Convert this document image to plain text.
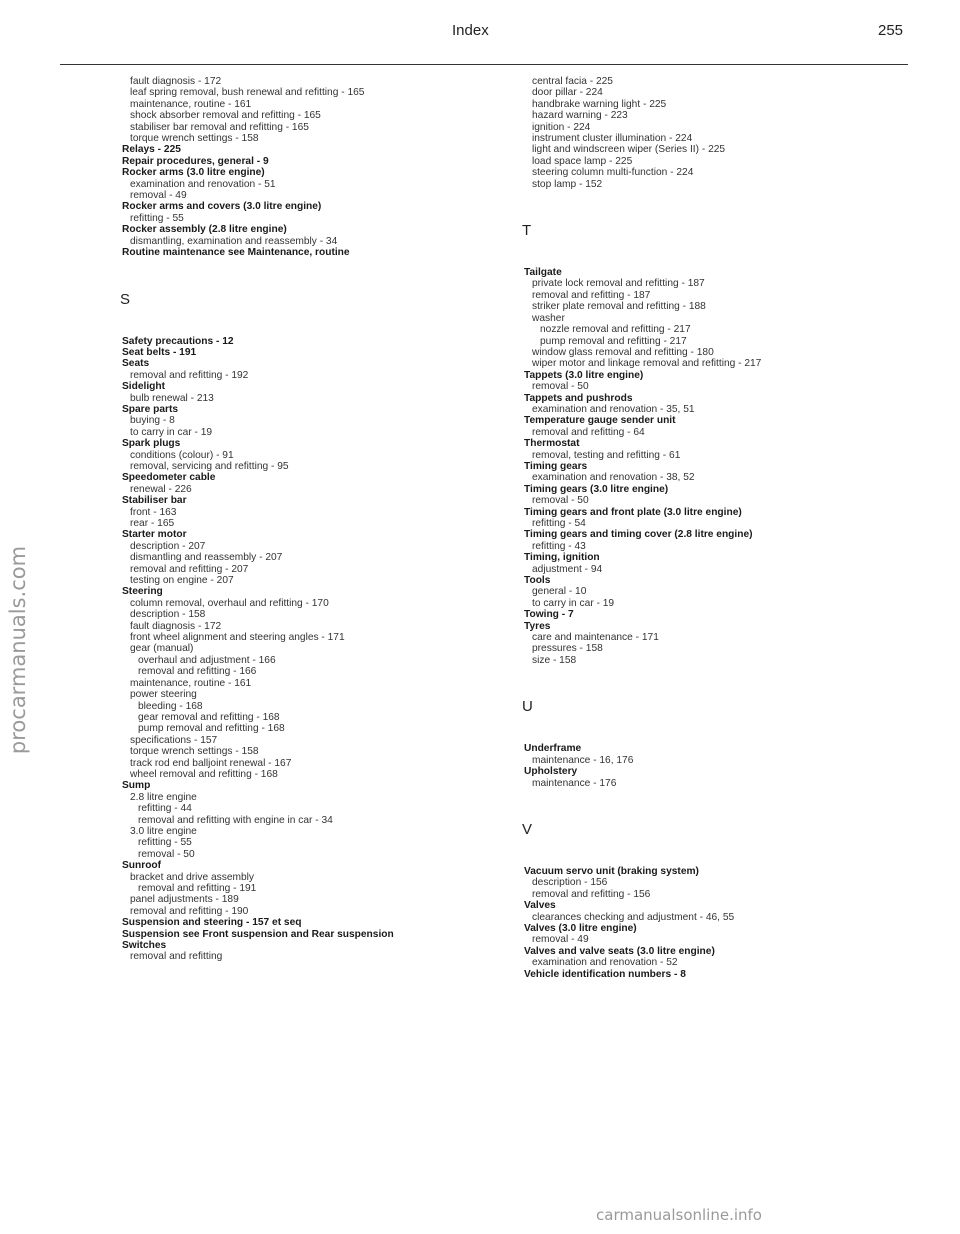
procarmanuals.com
Index	255
fault diagnosis - 172
leaf spring removal, bush renewal and refitting - 165
maintenance, routine - 161
shock absorber removal and refitting - 165
stabiliser bar removal and refitting - 165
torque wrench settings - 158
Relays - 225
Repair procedures, general - 9
Rocker arms (3.0 litre engine)
examination and renovation - 51
removal - 49
Rocker arms and covers (3.0 litre engine)
refitting - 55
Rocker assembly (2.8 litre engine)
dismantling, examination and reassembly - 34
Routine maintenance see Maintenance, routine
S
Safety precautions - 12
Seat belts - 191
Seats
removal and refitting - 192
Sidelight
bulb renewal - 213
Spare parts
buying - 8
to carry in car - 19
Spark plugs
conditions (colour) - 91
removal, servicing and refitting - 95
Speedometer cable
renewal - 226
Stabiliser bar
front - 163
rear - 165
Starter motor
description - 207
dismantling and reassembly - 207
removal and refitting - 207
testing on engine - 207
Steering
column removal, overhaul and refitting - 170
description - 158
fault diagnosis - 172
front wheel alignment and steering angles - 171
gear (manual)
overhaul and adjustment - 166
removal and refitting - 166
maintenance, routine - 161
power steering
bleeding - 168
gear removal and refitting - 168
pump removal and refitting - 168
specifications - 157
torque wrench settings - 158
track rod end balljoint renewal - 167
wheel removal and refitting - 168
Sump
2.8 litre engine
refitting - 44
removal and refitting with engine in car - 34
3.0 litre engine
refitting - 55
removal - 50
Sunroof
bracket and drive assembly
removal and refitting - 191
panel adjustments - 189
removal and refitting - 190
Suspension and steering - 157 et seq
Suspension see Front suspension and Rear suspension
Switches
removal and refitting
central facia - 225
door pillar - 224
handbrake warning light - 225
hazard warning - 223
ignition - 224
instrument cluster illumination - 224
light and windscreen wiper (Series II) - 225
load space lamp - 225
steering column multi-function - 224
stop lamp - 152
T
Tailgate
private lock removal and refitting - 187
removal and refitting - 187
striker plate removal and refitting - 188
washer
nozzle removal and refitting - 217
pump removal and refitting - 217
window glass removal and refitting - 180
wiper motor and linkage removal and refitting - 217
Tappets (3.0 litre engine)
removal - 50
Tappets and pushrods
examination and renovation - 35, 51
Temperature gauge sender unit
removal and refitting - 64
Thermostat
removal, testing and refitting - 61
Timing gears
examination and renovation - 38, 52
Timing gears (3.0 litre engine)
removal - 50
Timing gears and front plate (3.0 litre engine)
refitting - 54
Timing gears and timing cover (2.8 litre engine)
refitting - 43
Timing, ignition
adjustment - 94
Tools
general - 10
to carry in car - 19
Towing - 7
Tyres
care and maintenance - 171
pressures - 158
size - 158
U
Underframe
maintenance - 16, 176
Upholstery
maintenance - 176
V
Vacuum servo unit (braking system)
description - 156
removal and refitting - 156
Valves
clearances checking and adjustment - 46, 55
Valves (3.0 litre engine)
removal - 49
Valves and valve seats (3.0 litre engine)
examination and renovation - 52
Vehicle identification numbers - 8
carmanualsonline.info
